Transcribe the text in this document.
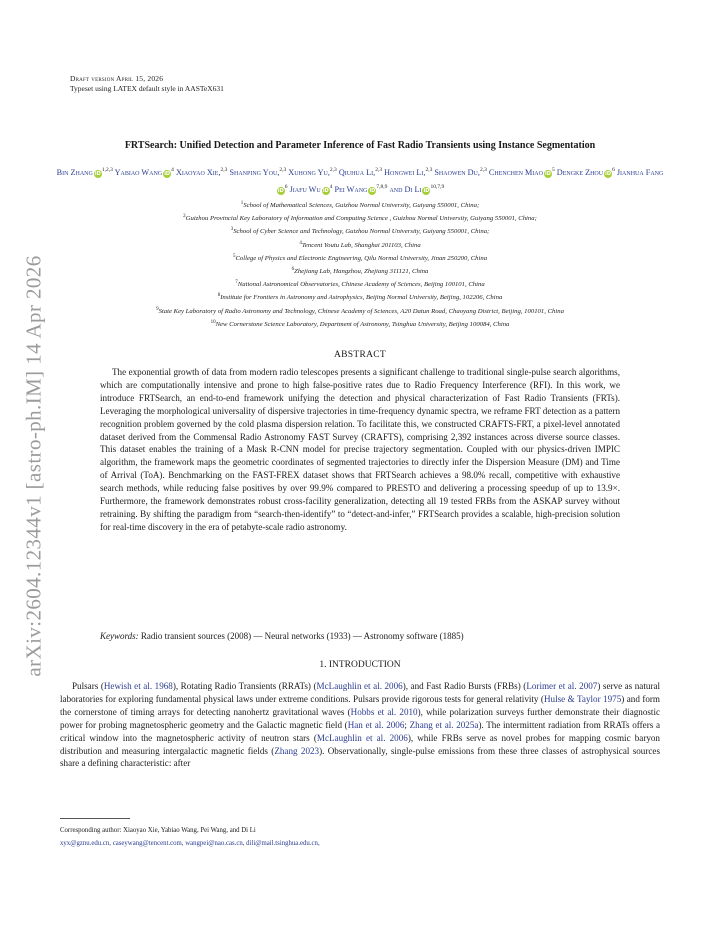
arXiv:2604.12344v1 [astro-ph.IM] 14 Apr 2026
Draft version April 15, 2026
Typeset using LATEX default style in AASTeX631
FRTSearch: Unified Detection and Parameter Inference of Fast Radio Transients using Instance Segmentation
Bin Zhang iD$^{1,2,3}$ Yabiao Wang $iD^4$ Xiaoyao Xie,$^{2,3}$ Shanping You,$^{2,3}$ Xuhong Yu,$^{2,3}$ Qiuhua Li,$^{2,3}$ Hongwei Li,$^{2,3}$ Shaowen Du,$^{2,3}$ Chenchen Miao $iD^5$ Dengke Zhou $iD^6$ Jianhua FangiD$^6$ Jiafu Wu $iD^4$ Pei Wang iD$^{7,8,9}$ and Di Li iD$^{10,7,9}$
$^1$School of Mathematical Sciences, Guizhou Normal University, Guiyang 550001, China;
$^2$Guizhou Provincial Key Laboratory of Information and Computing Science , Guizhou Normal University, Guiyang 550001, China;
$^3$School of Cyber Science and Technology, Guizhou Normal University, Guiyang 550001, China;
$^4$Tencent Youtu Lab, Shanghai 201103, China
$^5$College of Physics and Electronic Engineering, Qilu Normal University, Jinan 250200, China
$^6$Zhejiang Lab, Hangzhou, Zhejiang 311121, China
$^7$National Astronomical Observatories, Chinese Academy of Sciences, Beijing 100101, China
$^8$Institute for Frontiers in Astronomy and Astrophysics, Beijing Normal University, Beijing, 102206, China
$^9$State Key Laboratory of Radio Astronomy and Technology, Chinese Academy of Sciences, A20 Datun Road, Chaoyang District, Beijing, 100101, China
$^{10}$New Cornerstone Science Laboratory, Department of Astronomy, Tsinghua University, Beijing 100084, China
ABSTRACT
The exponential growth of data from modern radio telescopes presents a significant challenge to traditional single-pulse search algorithms, which are computationally intensive and prone to high false-positive rates due to Radio Frequency Interference (RFI). In this work, we introduce FRTSearch, an end-to-end framework unifying the detection and physical characterization of Fast Radio Transients (FRTs). Leveraging the morphological universality of dispersive trajectories in time-frequency dynamic spectra, we reframe FRT detection as a pattern recognition problem governed by the cold plasma dispersion relation. To facilitate this, we constructed CRAFTS-FRT, a pixel-level annotated dataset derived from the Commensal Radio Astronomy FAST Survey (CRAFTS), comprising 2,392 instances across diverse source classes. This dataset enables the training of a Mask R-CNN model for precise trajectory segmentation. Coupled with our physics-driven IMPIC algorithm, the framework maps the geometric coordinates of segmented trajectories to directly infer the Dispersion Measure (DM) and Time of Arrival (ToA). Benchmarking on the FAST-FREX dataset shows that FRTSearch achieves a 98.0% recall, competitive with exhaustive search methods, while reducing false positives by over 99.9% compared to PRESTO and delivering a processing speedup of up to 13.9×. Furthermore, the framework demonstrates robust cross-facility generalization, detecting all 19 tested FRBs from the ASKAP survey without retraining. By shifting the paradigm from “search-then-identify” to “detect-and-infer,” FRTSearch provides a scalable, high-precision solution for real-time discovery in the era of petabyte-scale radio astronomy.
Keywords: Radio transient sources (2008) — Neural networks (1933) — Astronomy software (1885)
1. INTRODUCTION
Pulsars (Hewish et al. 1968), Rotating Radio Transients (RRATs) (McLaughlin et al. 2006), and Fast Radio Bursts (FRBs) (Lorimer et al. 2007) serve as natural laboratories for exploring fundamental physical laws under extreme conditions. Pulsars provide rigorous tests for general relativity (Hulse & Taylor 1975) and form the cornerstone of timing arrays for detecting nanohertz gravitational waves (Hobbs et al. 2010), while polarization surveys further demonstrate their diagnostic power for probing magnetospheric geometry and the Galactic magnetic field (Han et al. 2006; Zhang et al. 2025a). The intermittent radiation from RRATs offers a critical window into the magnetospheric activity of neutron stars (McLaughlin et al. 2006), while FRBs serve as novel probes for mapping cosmic baryon distribution and measuring intergalactic magnetic fields (Zhang 2023). Observationally, single-pulse emissions from these three classes of astrophysical sources share a defining characteristic: after
Corresponding author: Xiaoyao Xie, Yabiao Wang, Pei Wang, and Di Li
xyx@gznu.edu.cn, caseywang@tencent.com, wangpei@nao.cas.cn, dili@mail.tsinghua.edu.cn,
